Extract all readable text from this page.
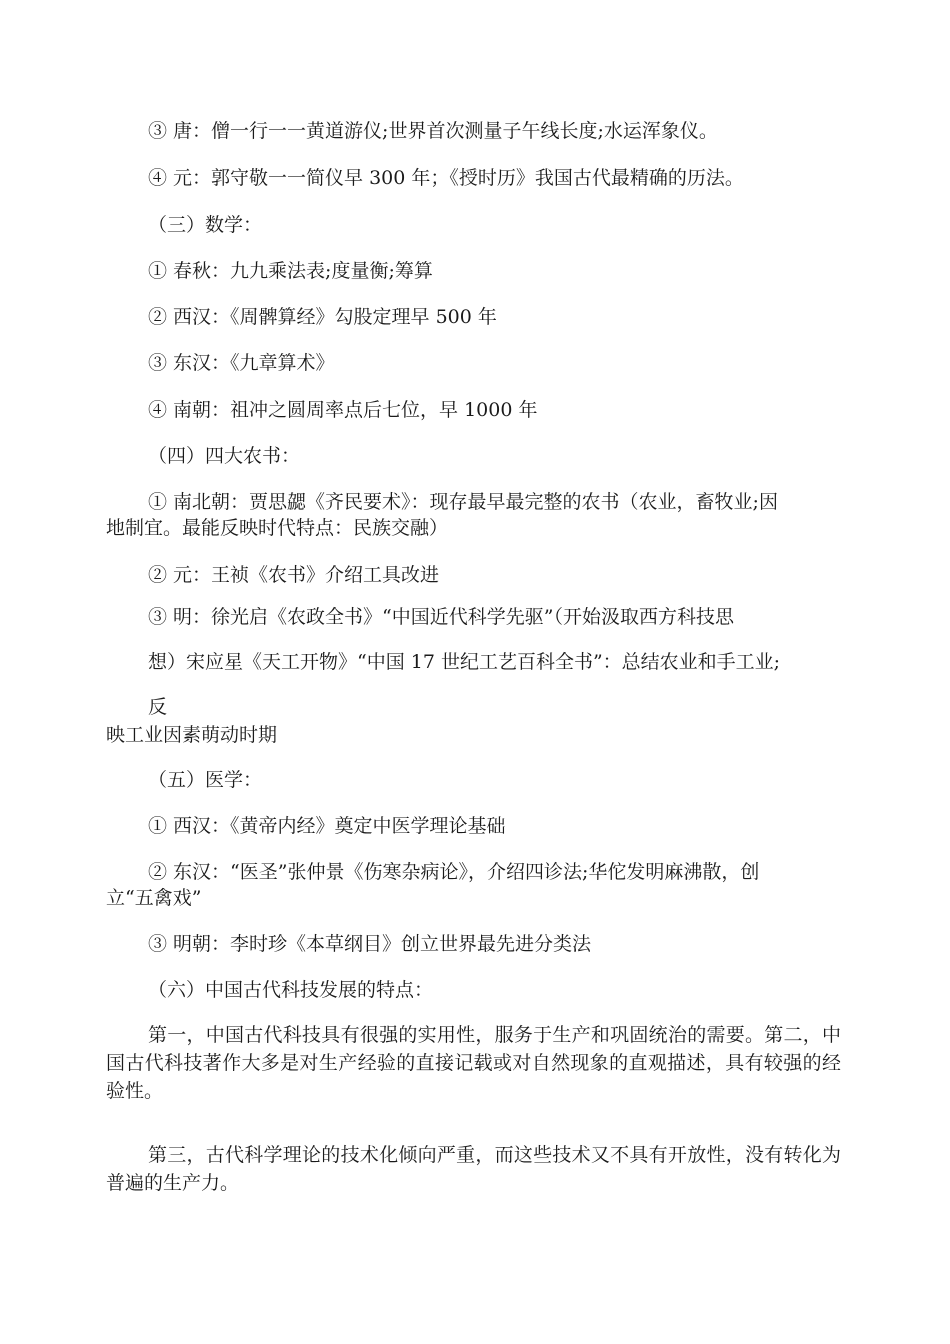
③ 唐：僧一行一一黄道游仪;世界首次测量子午线长度;水运浑象仪。

④ 元：郭守敬一一简仪早 300 年；《授时历》我国古代最精确的历法。

（三）数学：

① 春秋：九九乘法表;度量衡;筹算

② 西汉：《周髀算经》勾股定理早 500 年

③ 东汉：《九章算术》

④ 南朝：祖冲之圆周率点后七位，早 1000 年

（四）四大农书：

① 南北朝：贾思勰《齐民要术》：现存最早最完整的农书（农业，畜牧业;因

地制宜。最能反映时代特点：民族交融）

② 元：王祯《农书》介绍工具改进

③ 明：徐光启《农政全书》“中国近代科学先驱”（开始汲取西方科技思

想）宋应星《天工开物》“中国 17 世纪工艺百科全书”：总结农业和手工业;

反

映工业因素萌动时期

（五）医学：

① 西汉：《黄帝内经》奠定中医学理论基础

② 东汉：“医圣”张仲景《伤寒杂病论》，介绍四诊法;华佗发明麻沸散，创

立“五禽戏”

③ 明朝：李时珍《本草纲目》创立世界最先进分类法

（六）中国古代科技发展的特点：

第一，中国古代科技具有很强的实用性，服务于生产和巩固统治的需要。第二，中国古代科技著作大多是对生产经验的直接记载或对自然现象的直观描述，具有较强的经验性。

第三，古代科学理论的技术化倾向严重，而这些技术又不具有开放性，没有转化为普遍的生产力。
